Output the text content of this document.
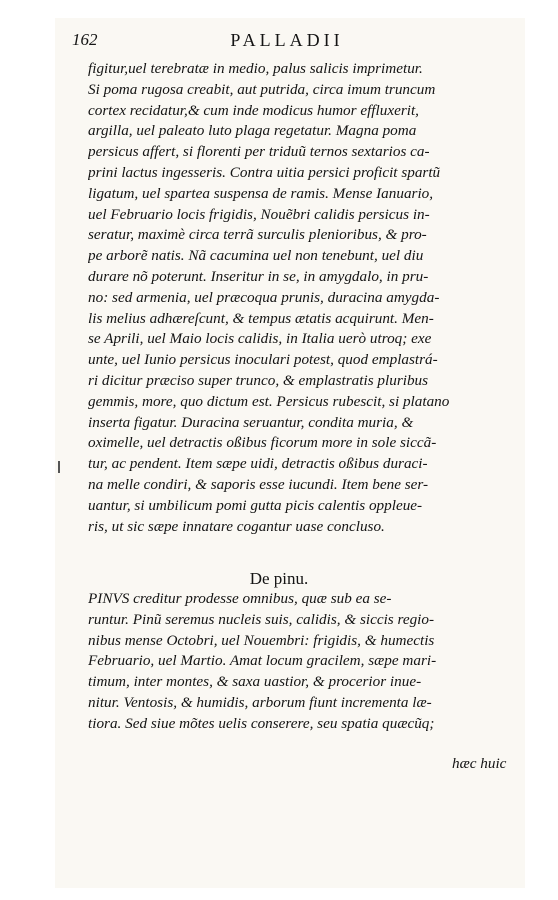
162	PALLADII
figitur,uel terebratæ in medio, palus salicis imprimetur.
Si poma rugosa creabit, aut putrida, circa imum truncum
cortex recidatur,& cum inde modicus humor effluxerit,
argilla, uel paleato luto plaga regetatur. Magna poma
persicus affert, si florenti per triduũ ternos sextarios ca-
prini lactus ingesseris. Contra uitia persici proficit spartũ
ligatum, uel spartea suspensa de ramis. Mense Ianuario,
uel Februario locis frigidis, Nouẽbri calidis persicus in-
seratur, maximè circa terrã surculis plenioribus, & pro-
pe arborẽ natis. Nã cacumina uel non tenebunt, uel diu
durare nõ poterunt. Inseritur in se, in amygdalo, in pru-
no: sed armenia, uel præcoqua prunis, duracina amygda-
lis melius adhæreſcunt, & tempus ætatis acquirunt. Men-
se Aprili, uel Maio locis calidis, in Italia uerò utroq; exe
unte, uel Iunio persicus inoculari potest, quod emplastrá-
ri dicitur præciso super trunco, & emplastratis pluribus
gemmis, more, quo dictum est. Persicus rubescit, si platano
inserta figatur. Duracina seruantur, condita muria, &
oximelle, uel detractis oßibus ficorum more in sole siccã-
tur, ac pendent. Item sæpe uidi, detractis oßibus duraci-
na melle condiri, & saporis esse iucundi. Item bene ser-
uantur, si umbilicum pomi gutta picis calentis oppleue-
ris, ut sic sæpe innatare cogantur uase concluso.
De pinu.
PINVS creditur prodesse omnibus, quæ sub ea se-
runtur. Pinũ seremus nucleis suis, calidis, & siccis regio-
nibus mense Octobri, uel Nouembri: frigidis, & humectis
Februario, uel Martio. Amat locum gracilem, sæpe mari-
timum, inter montes, & saxa uastior, & procerior inue-
nitur. Ventosis, & humidis, arborum fiunt incrementa læ-
tiora. Sed siue mõtes uelis conserere, seu spatia quæcũq;
hæc huic
